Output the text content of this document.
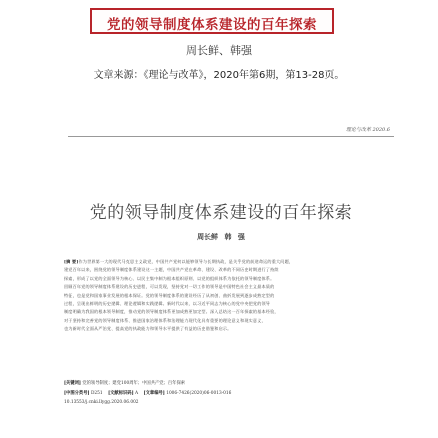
党的领导制度体系建设的百年探索
周长鲜、韩强
文章来源：《理论与改革》，2020年第6期，第13-28页。
理论与改革 2020.6
党的领导制度体系建设的百年探索
周长鲜 韩 强
[摘 要]作为世界第一大的现代马克思主义政党，中国共产党何以能够领导与长期执政，是关乎党的前途命运的重大问题，
建党百年以来，围绕党的领导制度体系建设这一主题，中国共产党在革命、建设、改革的不同历史时期进行了持续
探索，形成了以党的全面领导为核心、以民主集中制为根本组织原则、以党的组织体系为依托的领导制度体系。
回顾百年党的领导制度体系建设的历史进程，可以发现，坚持党对一切工作的领导是中国特色社会主义最本质的
特征，也是党和国家事业发展的根本保证。党的领导制度体系的建设经历了从初创、曲折发展到逐步成熟定型的
过程，呈现出鲜明的历史逻辑、理论逻辑和实践逻辑。新时代以来，以习近平同志为核心的党中央把党的领导
制度明确为我国的根本领导制度，推动党的领导制度体系更加成熟更加定型。深入总结这一百年探索的基本经验，
对于坚持和完善党的领导制度体系、推进国家治理体系和治理能力现代化具有重要的理论意义和现实意义，
也为新时代全面从严治党、提高党的执政能力和领导水平提供了有益的历史借鉴和启示。
[关键词] 党的领导制度；建党100周年；中国共产党；百年探索
[中图分类号] D251 [文献标识码] A [文章编号] 1006-7426(2020)06-0013-016
10.13553/j.cnki.llygg.2020.06.002
